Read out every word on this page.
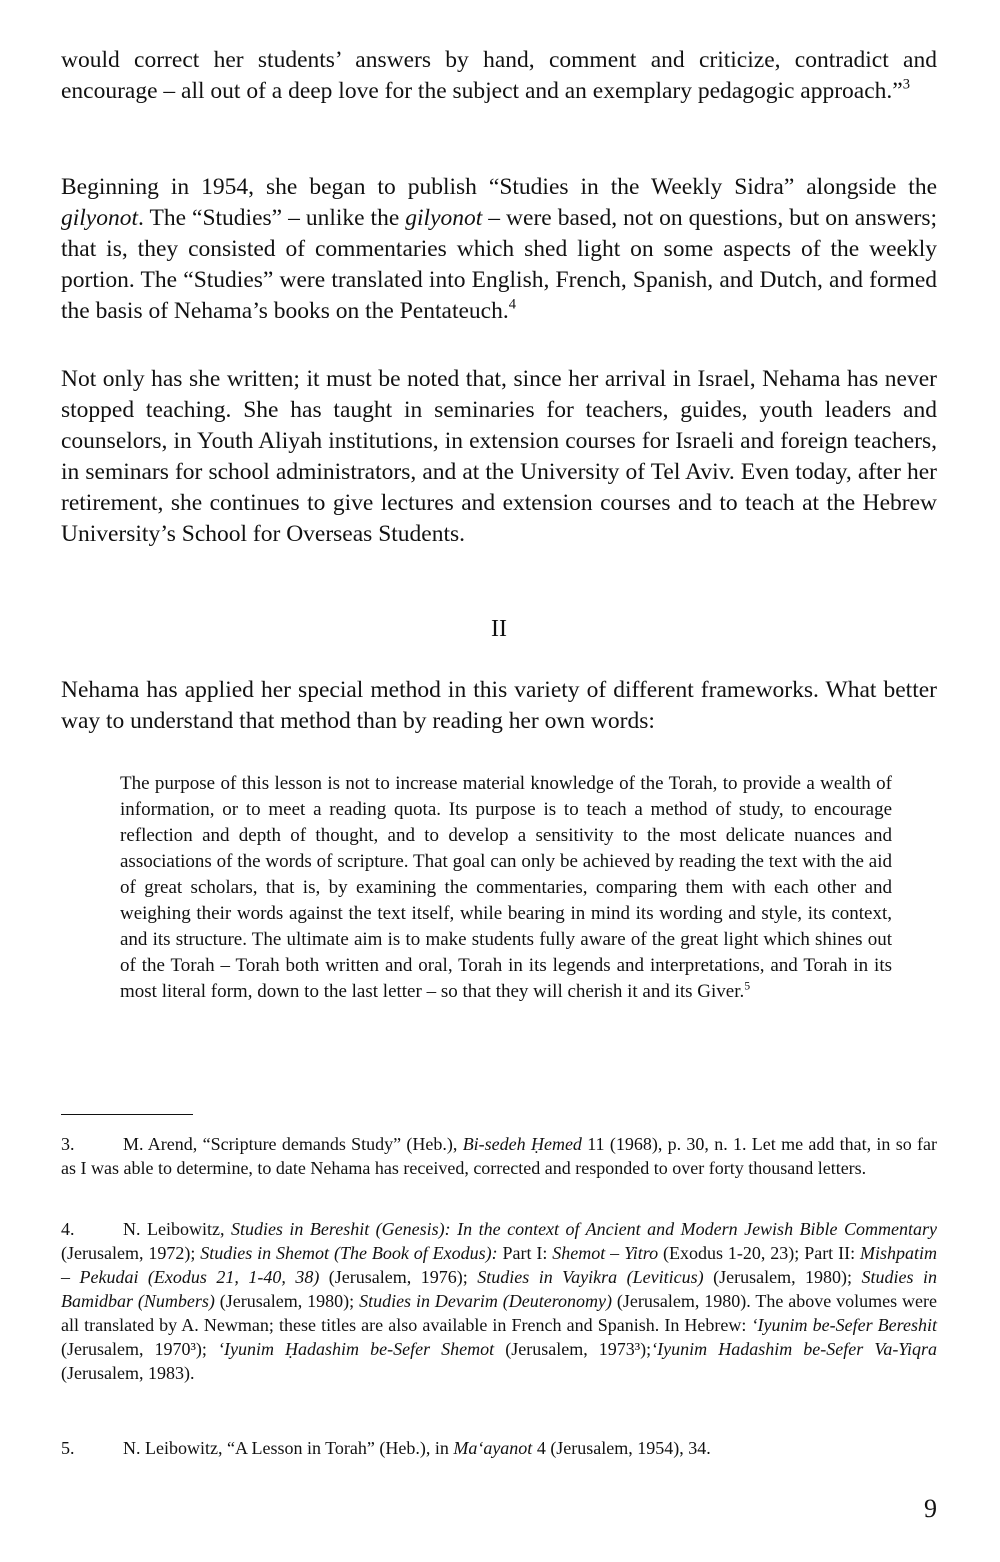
would correct her students’ answers by hand, comment and criticize, contradict and encourage – all out of a deep love for the subject and an exemplary pedagogic approach.”$^3$

Beginning in 1954, she began to publish “Studies in the Weekly Sidra” alongside the gilyonot. The “Studies” – unlike the gilyonot – were based, not on questions, but on answers; that is, they consisted of commentaries which shed light on some aspects of the weekly portion. The “Studies” were translated into English, French, Spanish, and Dutch, and formed the basis of Nehama’s books on the Pentateuch.$^4$

Not only has she written; it must be noted that, since her arrival in Israel, Nehama has never stopped teaching. She has taught in seminaries for teachers, guides, youth leaders and counselors, in Youth Aliyah institutions, in extension courses for Israeli and foreign teachers, in seminars for school administrators, and at the University of Tel Aviv. Even today, after her retirement, she continues to give lectures and extension courses and to teach at the Hebrew University’s School for Overseas Students.

II

Nehama has applied her special method in this variety of different frameworks. What better way to understand that method than by reading her own words:

The purpose of this lesson is not to increase material knowledge of the Torah, to provide a wealth of information, or to meet a reading quota. Its purpose is to teach a method of study, to encourage reflection and depth of thought, and to develop a sensitivity to the most delicate nuances and associations of the words of scripture. That goal can only be achieved by reading the text with the aid of great scholars, that is, by examining the commentaries, comparing them with each other and weighing their words against the text itself, while bearing in mind its wording and style, its context, and its structure. The ultimate aim is to make students fully aware of the great light which shines out of the Torah – Torah both written and oral, Torah in its legends and interpretations, and Torah in its most literal form, down to the last letter – so that they will cherish it and its Giver.$^5$

3.	M. Arend, “Scripture demands Study” (Heb.), Bi-sedeh Ḥemed 11 (1968), p. 30, n. 1. Let me add that, in so far as I was able to determine, to date Nehama has received, corrected and responded to over forty thousand letters.

4.	N. Leibowitz, Studies in Bereshit (Genesis): In the context of Ancient and Modern Jewish Bible Commentary (Jerusalem, 1972); Studies in Shemot (The Book of Exodus): Part I: Shemot – Yitro (Exodus 1-20, 23); Part II: Mishpatim – Pekudai (Exodus 21, 1-40, 38) (Jerusalem, 1976); Studies in Vayikra (Leviticus) (Jerusalem, 1980); Studies in Bamidbar (Numbers) (Jerusalem, 1980); Studies in Devarim (Deuteronomy) (Jerusalem, 1980). The above volumes were all translated by A. Newman; these titles are also available in French and Spanish. In Hebrew: ‘Iyunim be-Sefer Bereshit (Jerusalem, 1970³); ‘Iyunim Ḥadashim be-Sefer Shemot (Jerusalem, 1973³);‘Iyunim Hadashim be-Sefer Va-Yiqra (Jerusalem, 1983).

5.	N. Leibowitz, “A Lesson in Torah” (Heb.), in Ma‘ayanot 4 (Jerusalem, 1954), 34.

9
